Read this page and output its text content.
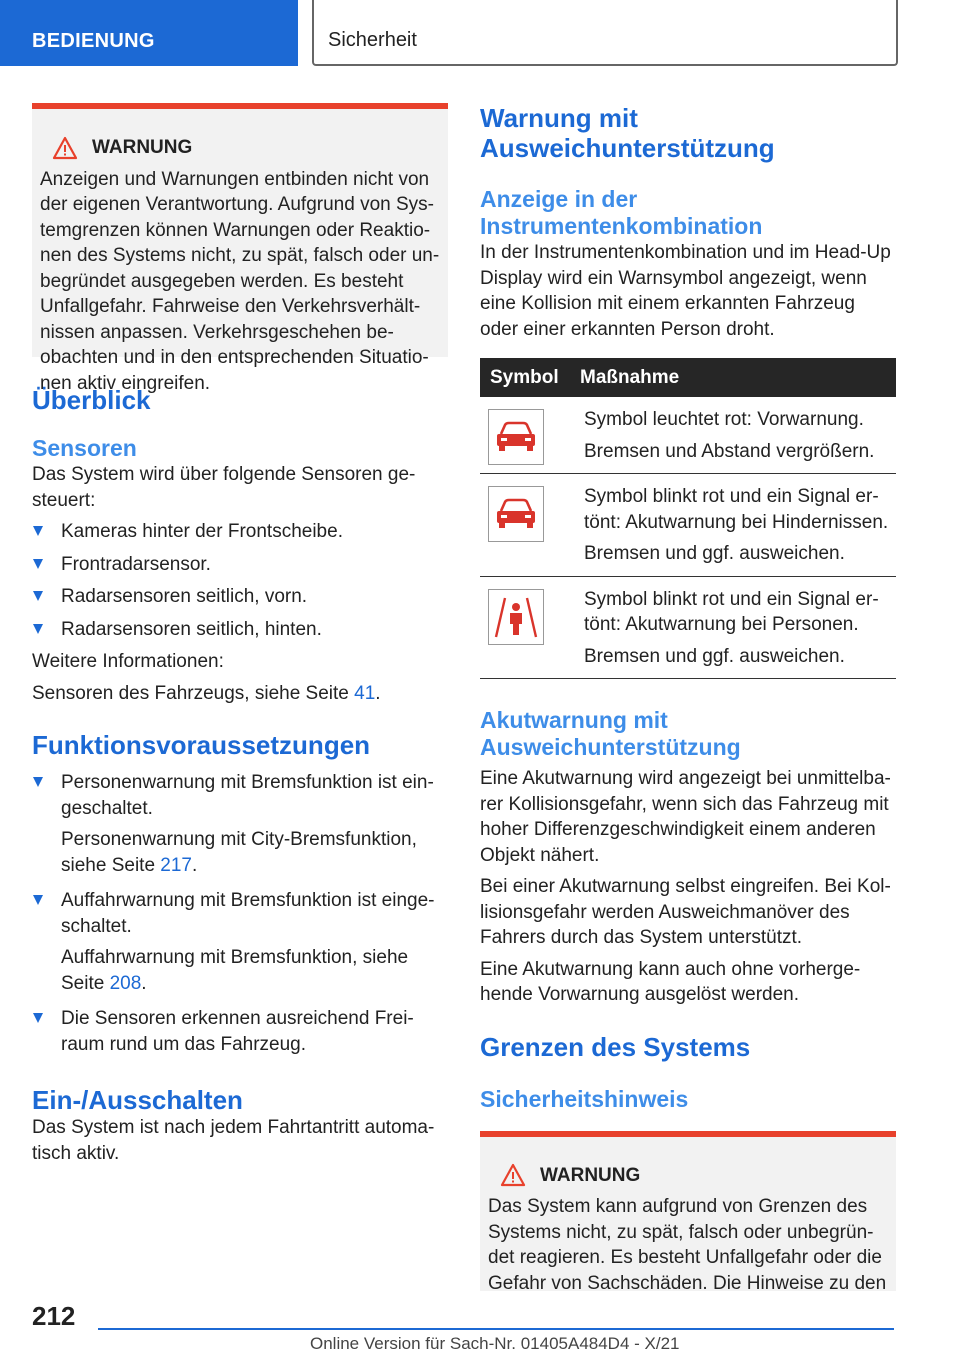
BEDIENUNG	Sicherheit
WARNUNG

Anzeigen und Warnungen entbinden nicht von

der eigenen Verantwortung. Aufgrund von Sys-

temgrenzen können Warnungen oder Reaktio-

nen des Systems nicht, zu spät, falsch oder un-

begründet ausgegeben werden. Es besteht

Unfallgefahr. Fahrweise den Verkehrsverhält-

nissen anpassen. Verkehrsgeschehen be-

obachten und in den entsprechenden Situatio-

nen aktiv eingreifen.

Überblick
Sensoren

Das System wird über folgende Sensoren ge-

steuert:

Kameras hinter der Frontscheibe.
Frontradarsensor.
Radarsensoren seitlich, vorn.
Radarsensoren seitlich, hinten.

Weitere Informationen:

Sensoren des Fahrzeugs, siehe Seite 41.

Funktionsvoraussetzungen
Personenwarnung mit Bremsfunktion ist ein-
geschaltet.
Personenwarnung mit City-Bremsfunktion,
siehe Seite 217.
Auffahrwarnung mit Bremsfunktion ist einge-
schaltet.
Auffahrwarnung mit Bremsfunktion, siehe
Seite 208.
Die Sensoren erkennen ausreichend Frei-
raum rund um das Fahrzeug.
Ein-/Ausschalten

Das System ist nach jedem Fahrtantritt automa-

tisch aktiv.

Warnung mit
Ausweichunterstützung
Anzeige in der
Instrumentenkombination

In der Instrumentenkombination und im Head-Up

Display wird ein Warnsymbol angezeigt, wenn

eine Kollision mit einem erkannten Fahrzeug

oder einer erkannten Person droht.

Symbol	Maßnahme

Symbol leuchtet rot: Vorwarnung.
Bremsen und Abstand vergrößern.

Symbol blinkt rot und ein Signal er-
tönt: Akutwarnung bei Hindernissen.
Bremsen und ggf. ausweichen.

Symbol blinkt rot und ein Signal er-
tönt: Akutwarnung bei Personen.
Bremsen und ggf. ausweichen.
Akutwarnung mit
Ausweichunterstützung

Eine Akutwarnung wird angezeigt bei unmittelba-

rer Kollisionsgefahr, wenn sich das Fahrzeug mit

hoher Differenzgeschwindigkeit einem anderen

Objekt nähert.

Bei einer Akutwarnung selbst eingreifen. Bei Kol-

lisionsgefahr werden Ausweichmanöver des

Fahrers durch das System unterstützt.

Eine Akutwarnung kann auch ohne vorherge-

hende Vorwarnung ausgelöst werden.

Grenzen des Systems
Sicherheitshinweis
WARNUNG

Das System kann aufgrund von Grenzen des

Systems nicht, zu spät, falsch oder unbegrün-

det reagieren. Es besteht Unfallgefahr oder die

Gefahr von Sachschäden. Die Hinweise zu den

212
Online Version für Sach-Nr. 01405A484D4 - X/21
